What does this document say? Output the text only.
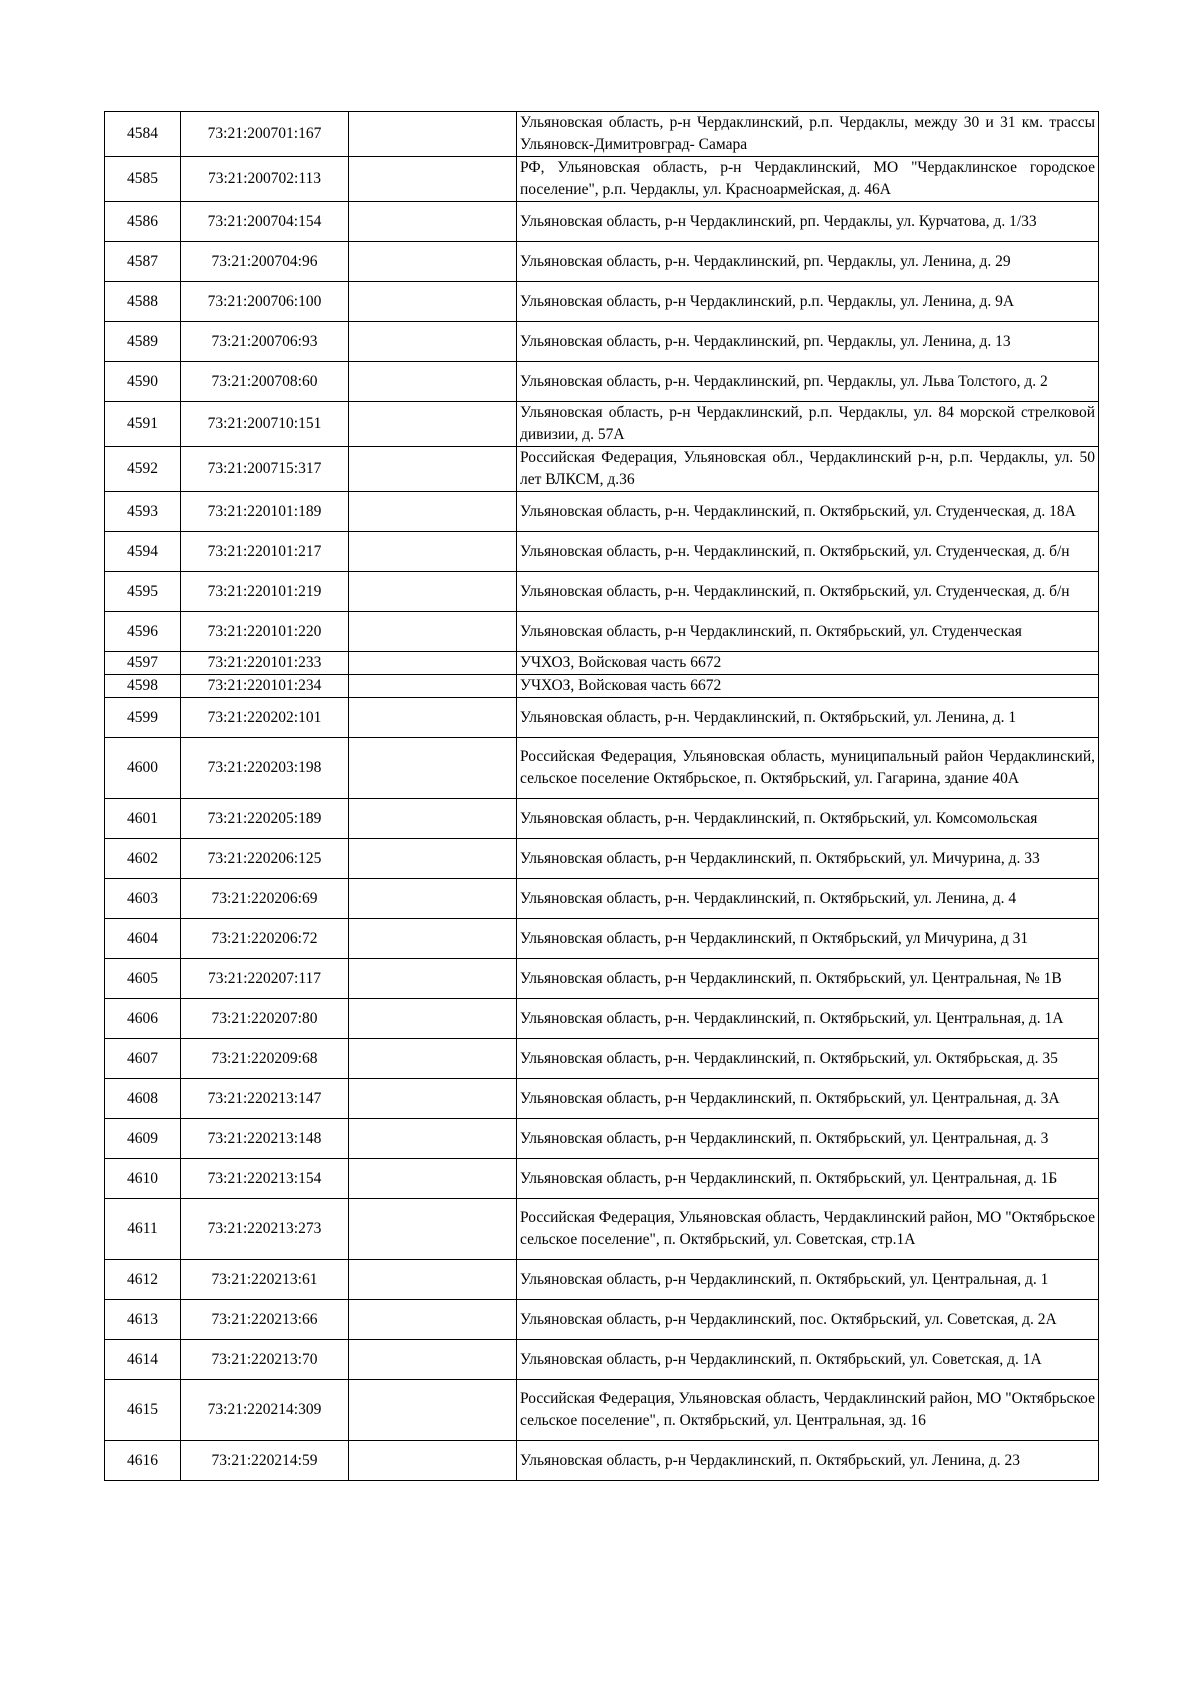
4584	73:21:200701:167		Ульяновская область, р-н Чердаклинский, р.п. Чердаклы, между 30 и 31 км. трассы Ульяновск-Димитровград- Самара
4585	73:21:200702:113		РФ, Ульяновская область, р-н Чердаклинский, МО "Чердаклинское городское поселение", р.п. Чердаклы, ул. Красноармейская, д. 46А
4586	73:21:200704:154		Ульяновская область, р-н Чердаклинский, рп. Чердаклы, ул. Курчатова, д. 1/33
4587	73:21:200704:96		Ульяновская область, р-н. Чердаклинский, рп. Чердаклы, ул. Ленина, д. 29
4588	73:21:200706:100		Ульяновская область, р-н Чердаклинский, р.п. Чердаклы, ул. Ленина, д. 9А
4589	73:21:200706:93		Ульяновская область, р-н. Чердаклинский, рп. Чердаклы, ул. Ленина, д. 13
4590	73:21:200708:60		Ульяновская область, р-н. Чердаклинский, рп. Чердаклы, ул. Льва Толстого, д. 2
4591	73:21:200710:151		Ульяновская область, р-н Чердаклинский, р.п. Чердаклы, ул. 84 морской стрелковой дивизии, д. 57А
4592	73:21:200715:317		Российская Федерация, Ульяновская обл., Чердаклинский р-н, р.п. Чердаклы, ул. 50 лет ВЛКСМ, д.36
4593	73:21:220101:189		Ульяновская область, р-н. Чердаклинский, п. Октябрьский, ул. Студенческая, д. 18А
4594	73:21:220101:217		Ульяновская область, р-н. Чердаклинский, п. Октябрьский, ул. Студенческая, д. б/н
4595	73:21:220101:219		Ульяновская область, р-н. Чердаклинский, п. Октябрьский, ул. Студенческая, д. б/н
4596	73:21:220101:220		Ульяновская область, р-н Чердаклинский, п. Октябрьский, ул. Студенческая
4597	73:21:220101:233		УЧХОЗ, Войсковая часть 6672
4598	73:21:220101:234		УЧХОЗ, Войсковая часть 6672
4599	73:21:220202:101		Ульяновская область, р-н. Чердаклинский, п. Октябрьский, ул. Ленина, д. 1
4600	73:21:220203:198		Российская Федерация, Ульяновская область, муниципальный район Чердаклинский, сельское поселение Октябрьское, п. Октябрьский, ул. Гагарина, здание 40А
4601	73:21:220205:189		Ульяновская область, р-н. Чердаклинский, п. Октябрьский, ул. Комсомольская
4602	73:21:220206:125		Ульяновская область, р-н Чердаклинский, п. Октябрьский, ул. Мичурина, д. 33
4603	73:21:220206:69		Ульяновская область, р-н. Чердаклинский, п. Октябрьский, ул. Ленина, д. 4
4604	73:21:220206:72		Ульяновская область, р-н Чердаклинский, п Октябрьский, ул Мичурина, д 31
4605	73:21:220207:117		Ульяновская область, р-н Чердаклинский, п. Октябрьский, ул. Центральная, № 1В
4606	73:21:220207:80		Ульяновская область, р-н. Чердаклинский, п. Октябрьский, ул. Центральная, д. 1А
4607	73:21:220209:68		Ульяновская область, р-н. Чердаклинский, п. Октябрьский, ул. Октябрьская, д. 35
4608	73:21:220213:147		Ульяновская область, р-н Чердаклинский, п. Октябрьский, ул. Центральная, д. 3А
4609	73:21:220213:148		Ульяновская область, р-н Чердаклинский, п. Октябрьский, ул. Центральная, д. 3
4610	73:21:220213:154		Ульяновская область, р-н Чердаклинский, п. Октябрьский, ул. Центральная, д. 1Б
4611	73:21:220213:273		Российская Федерация, Ульяновская область, Чердаклинский район, МО "Октябрьское сельское поселение", п. Октябрьский, ул. Советская, стр.1А
4612	73:21:220213:61		Ульяновская область, р-н Чердаклинский, п. Октябрьский, ул. Центральная, д. 1
4613	73:21:220213:66		Ульяновская область, р-н Чердаклинский, пос. Октябрьский, ул. Советская, д. 2А
4614	73:21:220213:70		Ульяновская область, р-н Чердаклинский, п. Октябрьский, ул. Советская, д. 1А
4615	73:21:220214:309		Российская Федерация, Ульяновская область, Чердаклинский район, МО "Октябрьское сельское поселение", п. Октябрьский, ул. Центральная, зд. 16
4616	73:21:220214:59		Ульяновская область, р-н Чердаклинский, п. Октябрьский, ул. Ленина, д. 23
